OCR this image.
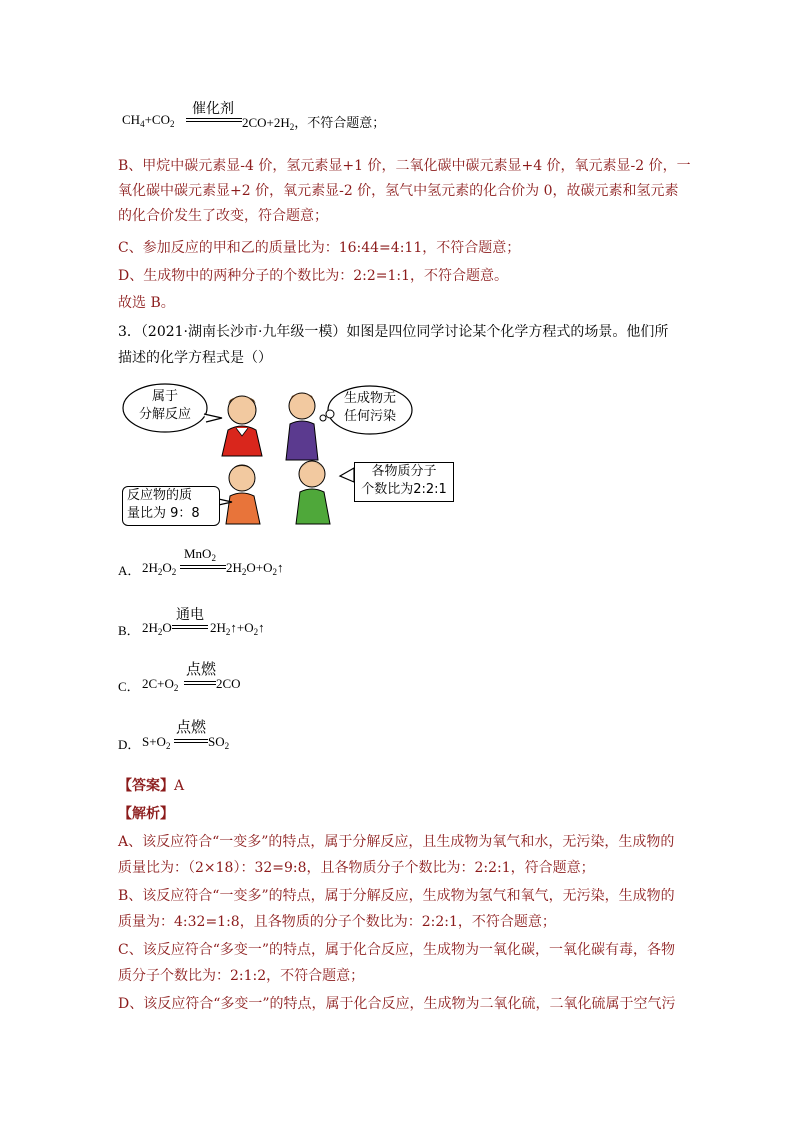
催化剂
$CH_4+CO_2$	$2CO+2H_2$，不符合题意；
B、甲烷中碳元素显-4 价，氢元素显+1 价，二氧化碳中碳元素显+4 价，氧元素显-2 价，一
氧化碳中碳元素显+2 价，氧元素显-2 价，氢气中氢元素的化合价为 0，故碳元素和氢元素
的化合价发生了改变，符合题意；
C、参加反应的甲和乙的质量比为：16:44=4:11，不符合题意；
D、生成物中的两种分子的个数比为：2:2=1:1，不符合题意。
故选 B。
3．（2021·湖南长沙市·九年级一模）如图是四位同学讨论某个化学方程式的场景。他们所
描述的化学方程式是（）
属于
分解反应
生成物无
任何污染
反应物的质
量比为 9：8
各物质分子
个数比为2:2:1
A．
MnO$_2$
$2H_2O_2$	$2H_2O+O_2↑$
B．
通电
$2H_2O$	$2H_2↑+O_2↑$
C．
点燃
$2C+O_2$	2CO
D．
点燃
$S+O_2$	$SO_2$
【答案】A
【解析】
A、该反应符合“一变多”的特点，属于分解反应，且生成物为氧气和水，无污染，生成物的
质量比为：（2×18）：32=9:8，且各物质分子个数比为：2:2:1，符合题意；
B、该反应符合“一变多”的特点，属于分解反应，生成物为氢气和氧气，无污染，生成物的
质量为：4:32=1:8，且各物质的分子个数比为：2:2:1，不符合题意；
C、该反应符合“多变一”的特点，属于化合反应，生成物为一氧化碳，一氧化碳有毒，各物
质分子个数比为：2:1:2，不符合题意；
D、该反应符合“多变一”的特点，属于化合反应，生成物为二氧化硫，二氧化硫属于空气污
